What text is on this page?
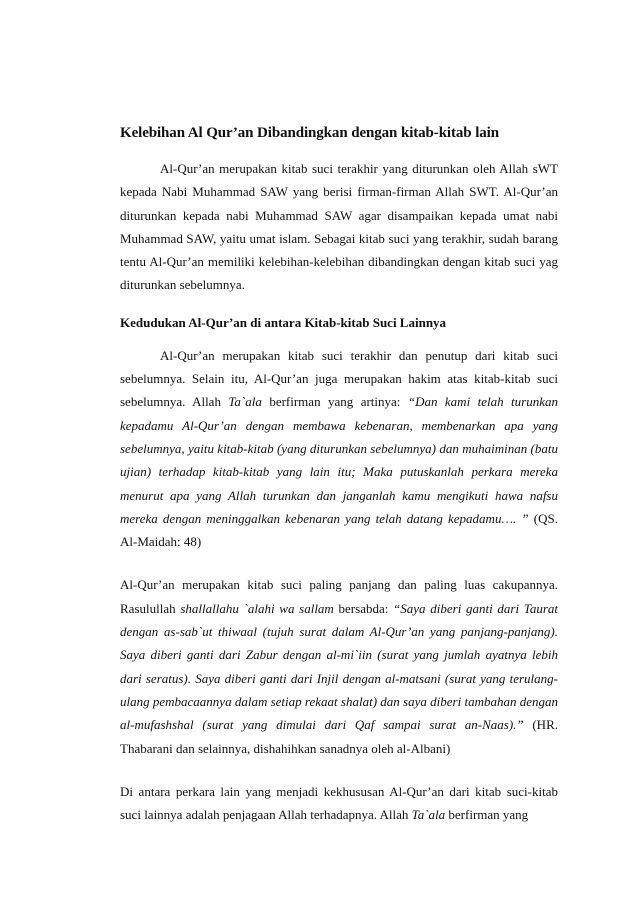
Kelebihan Al Qur’an Dibandingkan dengan kitab-kitab lain

Al-Qur’an merupakan kitab suci terakhir yang diturunkan oleh Allah sWT kepada Nabi Muhammad SAW yang berisi firman-firman Allah SWT. Al-Qur’an diturunkan kepada nabi Muhammad SAW agar disampaikan kepada umat nabi Muhammad SAW, yaitu umat islam. Sebagai kitab suci yang terakhir, sudah barang tentu Al-Qur’an memiliki kelebihan-kelebihan dibandingkan dengan kitab suci yag diturunkan sebelumnya.

Kedudukan Al-Qur’an di antara Kitab-kitab Suci Lainnya

Al-Qur’an merupakan kitab suci terakhir dan penutup dari kitab suci sebelumnya. Selain itu, Al-Qur’an juga merupakan hakim atas kitab-kitab suci sebelumnya. Allah Ta`ala berfirman yang artinya: “Dan kami telah turunkan kepadamu Al-Qur’an dengan membawa kebenaran, membenarkan apa yang sebelumnya, yaitu kitab-kitab (yang diturunkan sebelumnya) dan muhaiminan (batu ujian) terhadap kitab-kitab yang lain itu; Maka putuskanlah perkara mereka menurut apa yang Allah turunkan dan janganlah kamu mengikuti hawa nafsu mereka dengan meninggalkan kebenaran yang telah datang kepadamu…. ” (QS. Al-Maidah: 48)

Al-Qur’an merupakan kitab suci paling panjang dan paling luas cakupannya. Rasulullah shallallahu `alahi wa sallam bersabda: “Saya diberi ganti dari Taurat dengan as-sab`ut thiwaal (tujuh surat dalam Al-Qur’an yang panjang-panjang). Saya diberi ganti dari Zabur dengan al-mi`iin (surat yang jumlah ayatnya lebih dari seratus). Saya diberi ganti dari Injil dengan al-matsani (surat yang terulang-ulang pembacaannya dalam setiap rekaat shalat) dan saya diberi tambahan dengan al-mufashshal (surat yang dimulai dari Qaf sampai surat an-Naas).” (HR. Thabarani dan selainnya, dishahihkan sanadnya oleh al-Albani)

Di antara perkara lain yang menjadi kekhususan Al-Qur’an dari kitab suci-kitab suci lainnya adalah penjagaan Allah terhadapnya. Allah Ta`ala berfirman yang
